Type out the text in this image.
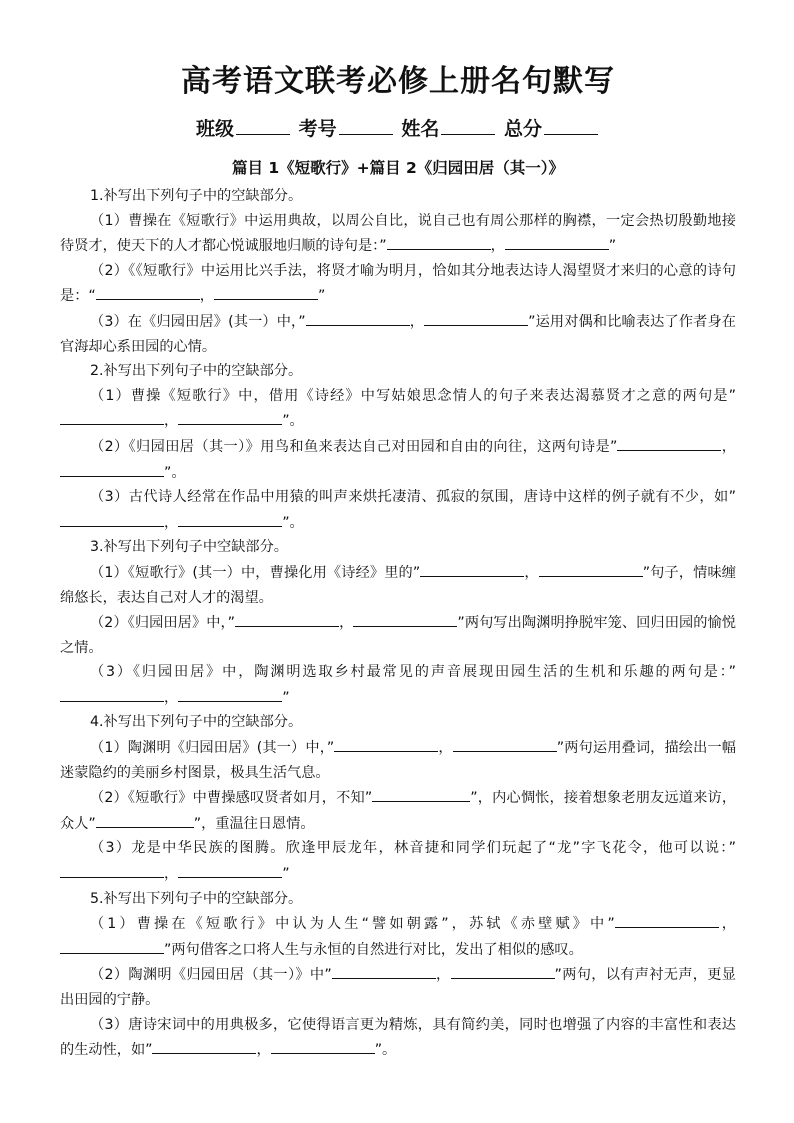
高考语文联考必修上册名句默写
班级	考号	姓名	总分
篇目 1《短歌行》+篇目 2《归园田居（其一）》

1.补写出下列句子中的空缺部分。

（1）曹操在《短歌行》中运用典故，以周公自比，说自己也有周公那样的胸襟，一定会热切殷勤地接待贤才，使天下的人才都心悦诚服地归顺的诗句是：”	，	”

（2）《《短歌行》中运用比兴手法，将贤才喻为明月，恰如其分地表达诗人渴望贤才来归的心意的诗句是：“	，	”

（3）在《归园田居》(其一）中，”	，	”运用对偶和比喻表达了作者身在官海却心系田园的心情。

2.补写出下列句子中的空缺部分。

（1）曹操《短歌行》中，借用《诗经》中写姑娘思念情人的句子来表达渴慕贤才之意的两句是”，	”。

（2）《归园田居（其一）》用鸟和鱼来表达自己对田园和自由的向往，这两句诗是”	，”。

（3）古代诗人经常在作品中用猿的叫声来烘托凄清、孤寂的氛围，唐诗中这样的例子就有不少，如”，	”。

3.补写出下列句子中空缺部分。

（1）《短歌行》(其一）中，曹操化用《诗经》里的”	，	”句子，情味缠绵悠长，表达自己对人才的渴望。

（2）《归园田居》中，”	，	”两句写出陶渊明挣脱牢笼、回归田园的愉悦之情。

（3）《归园田居》中，陶渊明选取乡村最常见的声音展现田园生活的生机和乐趣的两句是：”，	”

4.补写出下列句子中的空缺部分。

（1）陶渊明《归园田居》(其一）中，”	，	”两句运用叠词，描绘出一幅迷蒙隐约的美丽乡村图景，极具生活气息。

（2）《短歌行》中曹操感叹贤者如月，不知”	”，内心惆怅，接着想象老朋友远道来访，众人”	”，重温往日恩情。

（3）龙是中华民族的图腾。欣逢甲辰龙年，林音捷和同学们玩起了“龙”字飞花令，他可以说：”，	”

5.补写出下列句子中的空缺部分。

（1）曹操在《短歌行》中认为人生“譬如朝露”，苏轼《赤壁赋》中”	，”两句借客之口将人生与永恒的自然进行对比，发出了相似的感叹。

（2）陶渊明《归园田居（其一）》中”	，	”两句，以有声衬无声，更显出田园的宁静。

（3）唐诗宋词中的用典极多，它使得语言更为精炼，具有简约美，同时也增强了内容的丰富性和表达的生动性，如”	，	”。
